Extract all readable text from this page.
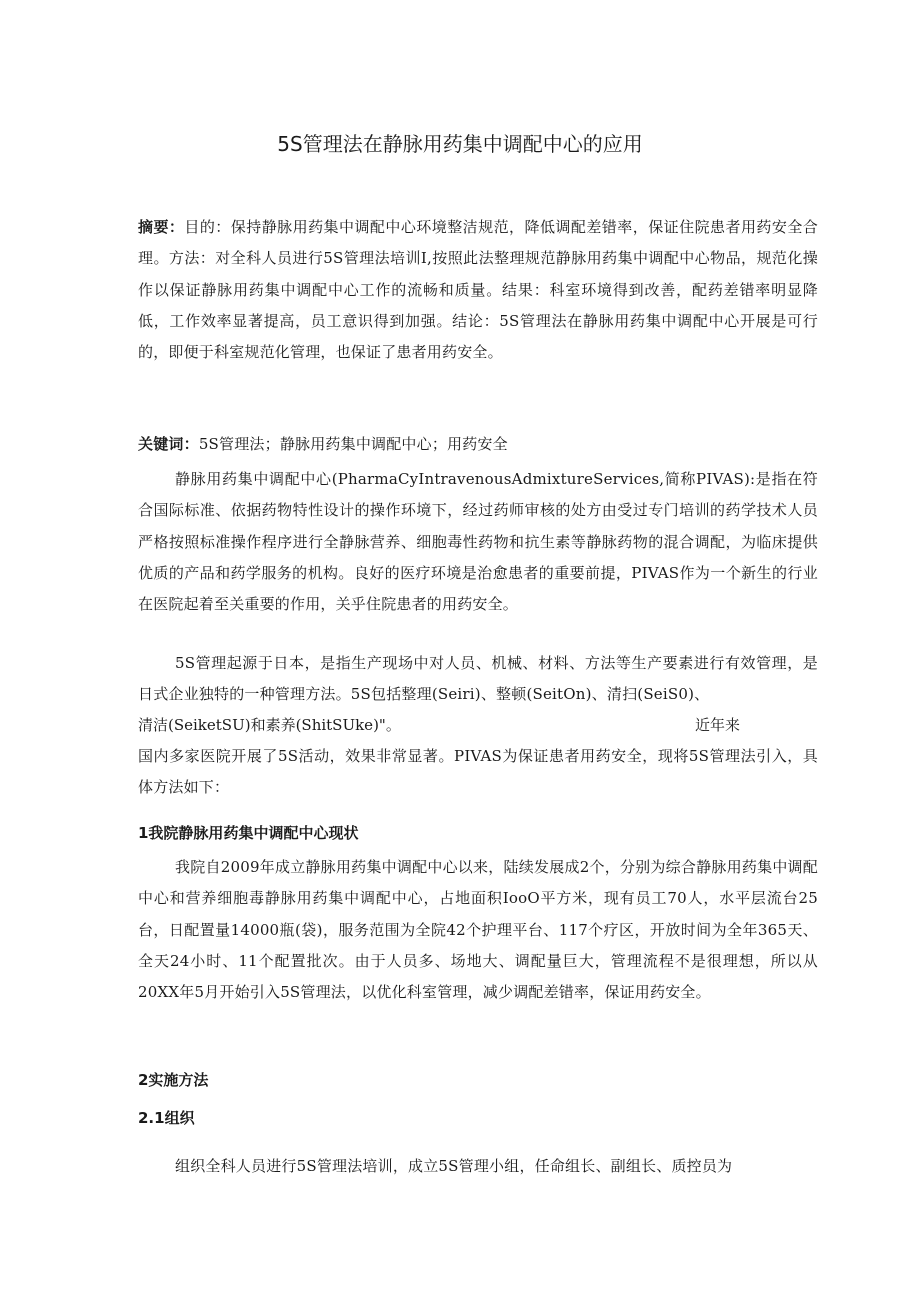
5S管理法在静脉用药集中调配中心的应用
摘要：目的：保持静脉用药集中调配中心环境整洁规范，降低调配差错率，保证住院患者用药安全合理。方法：对全科人员进行5S管理法培训I,按照此法整理规范静脉用药集中调配中心物品，规范化操作以保证静脉用药集中调配中心工作的流畅和质量。结果：科室环境得到改善，配药差错率明显降低，工作效率显著提高，员工意识得到加强。结论：5S管理法在静脉用药集中调配中心开展是可行的，即便于科室规范化管理，也保证了患者用药安全。
关键词：5S管理法；静脉用药集中调配中心；用药安全
静脉用药集中调配中心(PharmaCyIntravenousAdmixtureServices,简称PIVAS):是指在符合国际标准、依据药物特性设计的操作环境下，经过药师审核的处方由受过专门培训的药学技术人员严格按照标准操作程序进行全静脉营养、细胞毒性药物和抗生素等静脉药物的混合调配，为临床提供优质的产品和药学服务的机构。良好的医疗环境是治愈患者的重要前提，PIVAS作为一个新生的行业在医院起着至关重要的作用，关乎住院患者的用药安全。
5S管理起源于日本，是指生产现场中对人员、机械、材料、方法等生产要素进行有效管理，是日式企业独特的一种管理方法。5S包括整理(Seiri)、整顿(SeitOn)、清扫(SeiS0)、
清洁(SeiketSU)和素养(ShitSUke)"。	近年来
国内多家医院开展了5S活动，效果非常显著。PIVAS为保证患者用药安全，现将5S管理法引入，具体方法如下：
1我院静脉用药集中调配中心现状
我院自2009年成立静脉用药集中调配中心以来，陆续发展成2个，分别为综合静脉用药集中调配中心和营养细胞毒静脉用药集中调配中心，占地面积IooO平方米，现有员工70人，水平层流台25台，日配置量14000瓶(袋)，服务范围为全院42个护理平台、117个疗区，开放时间为全年365天、全天24小时、11个配置批次。由于人员多、场地大、调配量巨大，管理流程不是很理想，所以从20XX年5月开始引入5S管理法，以优化科室管理，减少调配差错率，保证用药安全。
2实施方法
2.1组织
组织全科人员进行5S管理法培训，成立5S管理小组，任命组长、副组长、质控员为
